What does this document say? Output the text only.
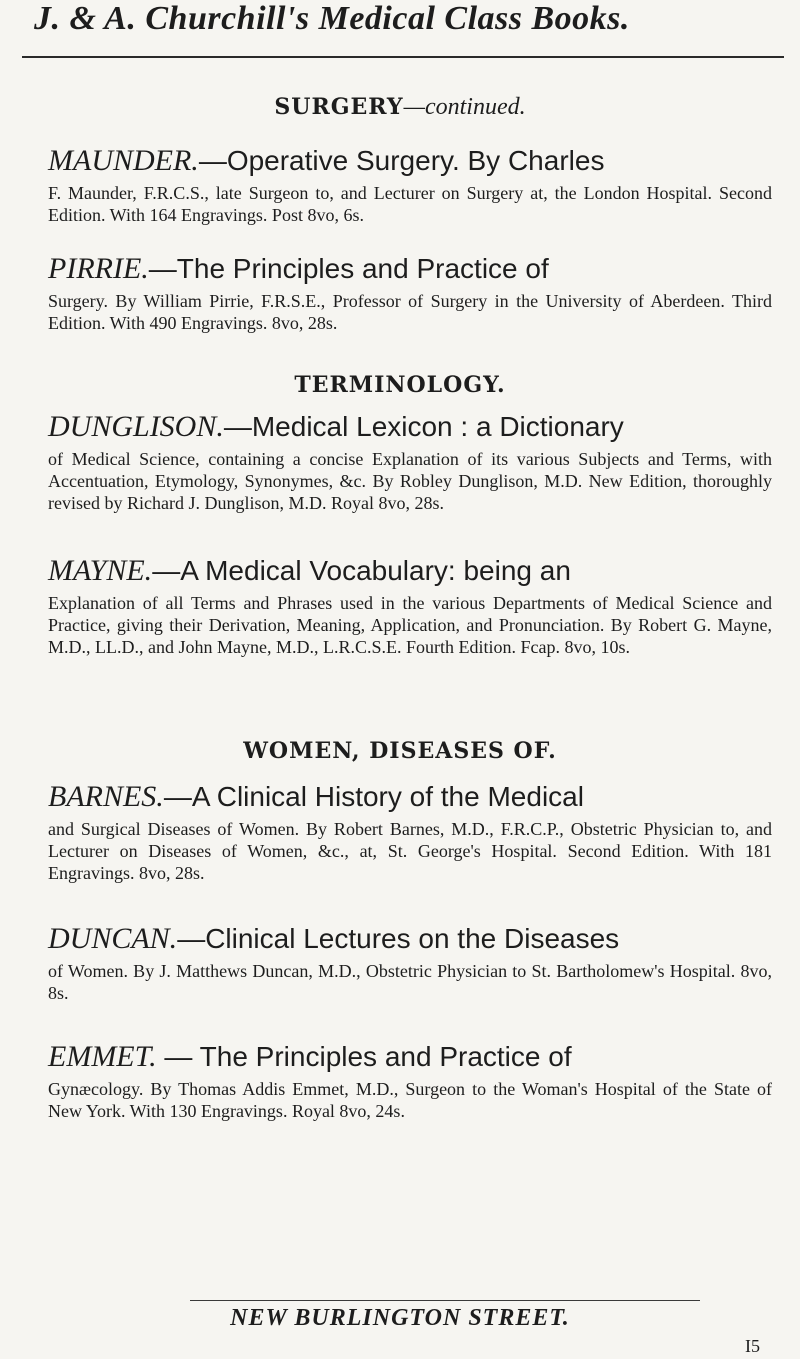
J. & A. Churchill's Medical Class Books.
SURGERY—continued.
MAUNDER.—Operative Surgery. By Charles
F. Maunder, F.R.C.S., late Surgeon to, and Lecturer on Surgery at, the London Hospital. Second Edition. With 164 Engravings. Post 8vo, 6s.
PIRRIE.—The Principles and Practice of
Surgery. By William Pirrie, F.R.S.E., Professor of Surgery in the University of Aberdeen. Third Edition. With 490 Engravings. 8vo, 28s.
TERMINOLOGY.
DUNGLISON.—Medical Lexicon : a Dictionary
of Medical Science, containing a concise Explanation of its various Subjects and Terms, with Accentuation, Etymology, Synonymes, &c. By Robley Dunglison, M.D. New Edition, thoroughly revised by Richard J. Dunglison, M.D. Royal 8vo, 28s.
MAYNE.—A Medical Vocabulary: being an
Explanation of all Terms and Phrases used in the various Departments of Medical Science and Practice, giving their Derivation, Meaning, Application, and Pronunciation. By Robert G. Mayne, M.D., LL.D., and John Mayne, M.D., L.R.C.S.E. Fourth Edition. Fcap. 8vo, 10s.
WOMEN, DISEASES OF.
BARNES.—A Clinical History of the Medical
and Surgical Diseases of Women. By Robert Barnes, M.D., F.R.C.P., Obstetric Physician to, and Lecturer on Diseases of Women, &c., at, St. George's Hospital. Second Edition. With 181 Engravings. 8vo, 28s.
DUNCAN.—Clinical Lectures on the Diseases
of Women. By J. Matthews Duncan, M.D., Obstetric Physician to St. Bartholomew's Hospital. 8vo, 8s.
EMMET. — The Principles and Practice of
Gynæcology. By Thomas Addis Emmet, M.D., Surgeon to the Woman's Hospital of the State of New York. With 130 Engravings. Royal 8vo, 24s.
NEW BURLINGTON STREET.
I5
